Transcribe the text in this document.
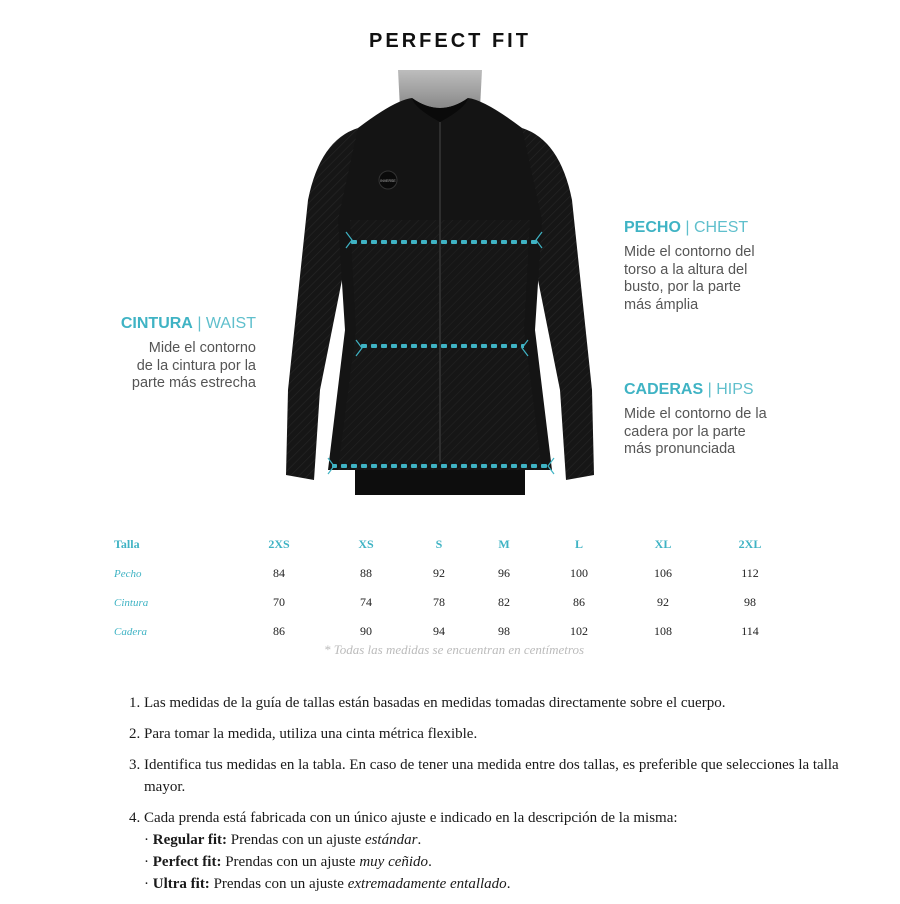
PERFECT FIT
INVERSE
PECHO | CHEST
Mide el contorno del
torso a la altura del
busto, por la parte
más ámplia
CINTURA | WAIST
Mide el contorno
de la cintura por la
parte más estrecha	CADERAS | HIPS
Mide el contorno de la
cadera por la parte
más pronunciada
Talla	2XS	XS	S	M	L	XL	2XL
Pecho	84	88	92	96	100	106	112
Cintura	70	74	78	82	86	92	98
Cadera	86	90	94	98	102	108	114
* Todas las medidas se encuentran en centímetros
1. Las medidas de la guía de tallas están basadas en medidas tomadas directamente sobre el cuerpo.
2. Para tomar la medida, utiliza una cinta métrica flexible.
3. Identifica tus medidas en la tabla. En caso de tener una medida entre dos tallas, es preferible que selecciones la talla mayor.
4. Cada prenda está fabricada con un único ajuste e indicado en la descripción de la misma:
· Regular fit: Prendas con un ajuste estándar.
· Perfect fit: Prendas con un ajuste muy ceñido.
· Ultra fit: Prendas con un ajuste extremadamente entallado.
